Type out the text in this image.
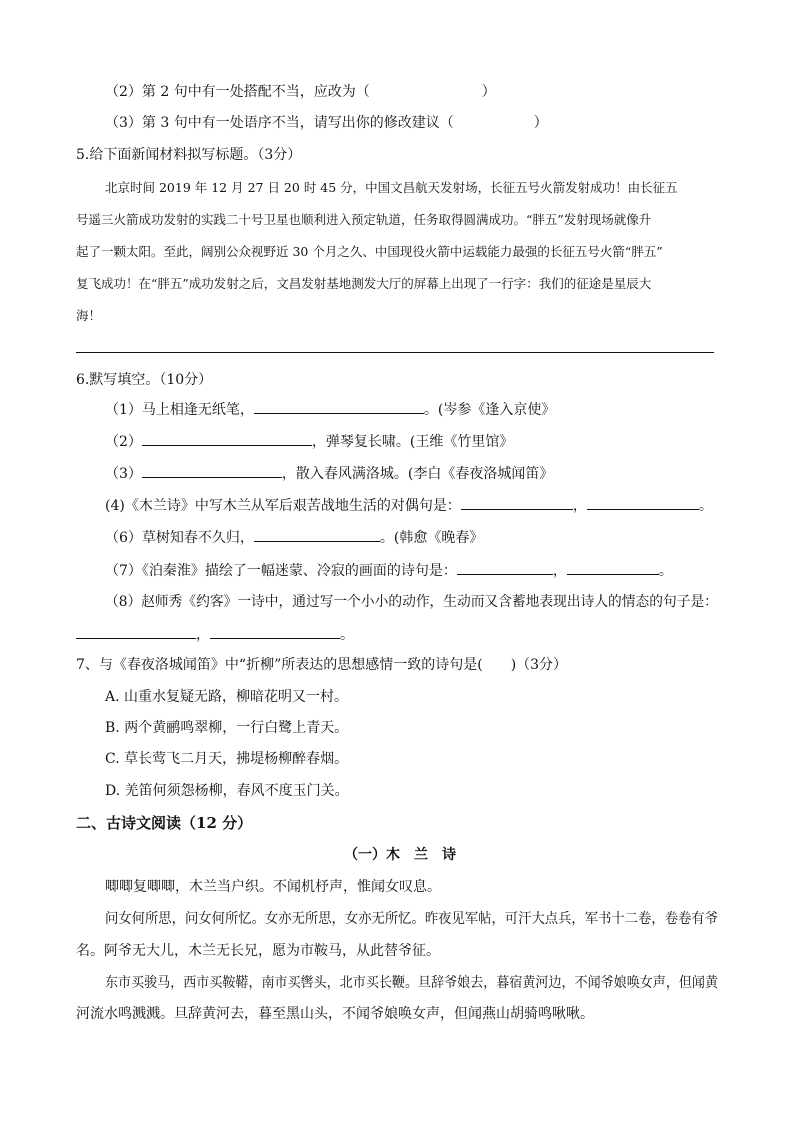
（2）第 2 句中有一处搭配不当，应改为（	）
（3）第 3 句中有一处语序不当，请写出你的修改建议（	）
5.给下面新闻材料拟写标题。（3分）
北京时间 2019 年 12 月 27 日 20 时 45 分，中国文昌航天发射场，长征五号火箭发射成功！由长征五
号遥三火箭成功发射的实践二十号卫星也顺利进入预定轨道，任务取得圆满成功。“胖五”发射现场就像升
起了一颗太阳。至此，阔别公众视野近 30 个月之久、中国现役火箭中运载能力最强的长征五号火箭“胖五”
复飞成功！在“胖五”成功发射之后，文昌发射基地测发大厅的屏幕上出现了一行字：我们的征途是星辰大
海！
6.默写填空。（10分）
（1）马上相逢无纸笔，	。(岑参《逢入京使》
（2）	，弹琴复长啸。(王维《竹里馆》
（3）	，散入春风满洛城。(李白《春夜洛城闻笛》
(4)《木兰诗》中写木兰从军后艰苦战地生活的对偶句是：	，	。
（6）草树知春不久归，	。(韩愈《晚春》
（7）《泊秦淮》描绘了一幅迷蒙、冷寂的画面的诗句是：	，	。
（8）赵师秀《约客》一诗中，通过写一个小小的动作，生动而又含蓄地表现出诗人的情态的句子是：
，	。
7、与《春夜洛城闻笛》中“折柳”所表达的思想感情一致的诗句是( )（3分）
A. 山重水复疑无路，柳暗花明又一村。
B. 两个黄鹂鸣翠柳，一行白鹭上青天。
C. 草长莺飞二月天，拂堤杨柳醉春烟。
D. 羌笛何须怨杨柳，春风不度玉门关。
二、古诗文阅读（12 分）
（一）木　兰　诗
唧唧复唧唧，木兰当户织。不闻机杼声，惟闻女叹息。
问女何所思，问女何所忆。女亦无所思，女亦无所忆。昨夜见军帖，可汗大点兵，军书十二卷，卷卷有爷
名。阿爷无大儿，木兰无长兄，愿为市鞍马，从此替爷征。
东市买骏马，西市买鞍鞯，南市买辔头，北市买长鞭。旦辞爷娘去，暮宿黄河边，不闻爷娘唤女声，但闻黄
河流水鸣溅溅。旦辞黄河去，暮至黑山头，不闻爷娘唤女声，但闻燕山胡骑鸣啾啾。
